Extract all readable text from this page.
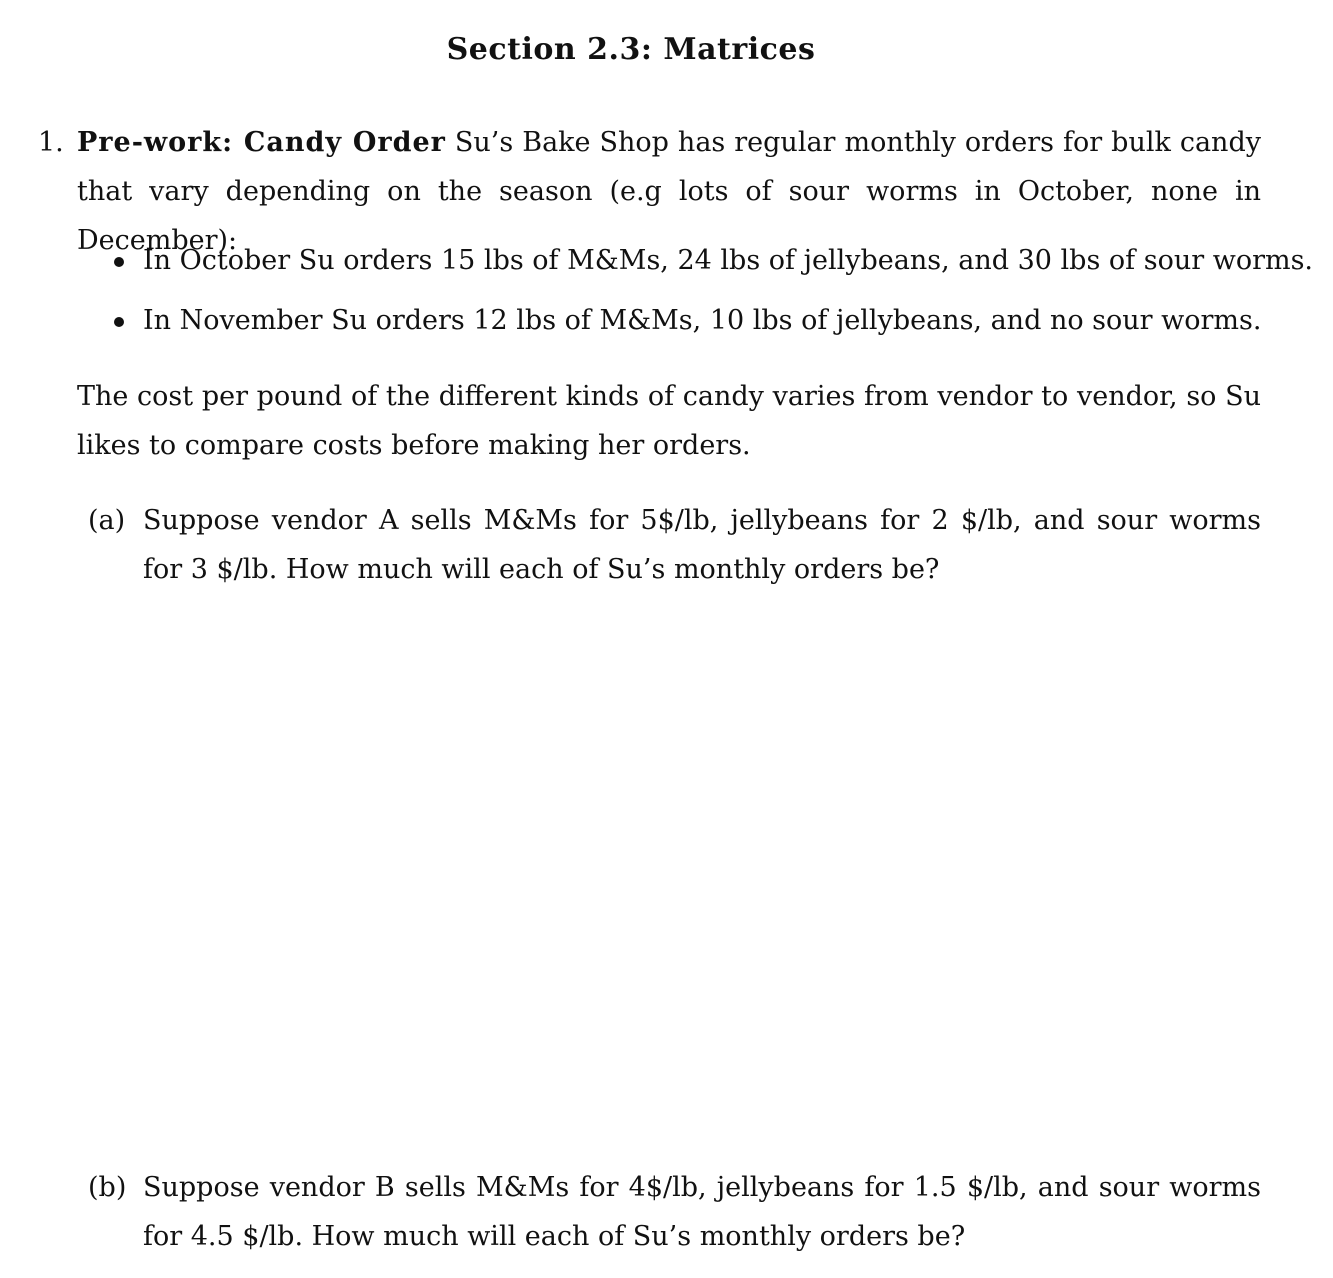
Section 2.3: Matrices
1. Pre-work: Candy Order Su’s Bake Shop has regular monthly orders for bulk candy that vary depending on the season (e.g lots of sour worms in October, none in December):
In October Su orders 15 lbs of M&Ms, 24 lbs of jellybeans, and 30 lbs of sour worms.
In November Su orders 12 lbs of M&Ms, 10 lbs of jellybeans, and no sour worms.
The cost per pound of the different kinds of candy varies from vendor to vendor, so Su likes to compare costs before making her orders.
(a) Suppose vendor A sells M&Ms for 5$/lb, jellybeans for 2 $/lb, and sour worms for 3 $/lb. How much will each of Su’s monthly orders be?
(b) Suppose vendor B sells M&Ms for 4$/lb, jellybeans for 1.5 $/lb, and sour worms for 4.5 $/lb. How much will each of Su’s monthly orders be?
